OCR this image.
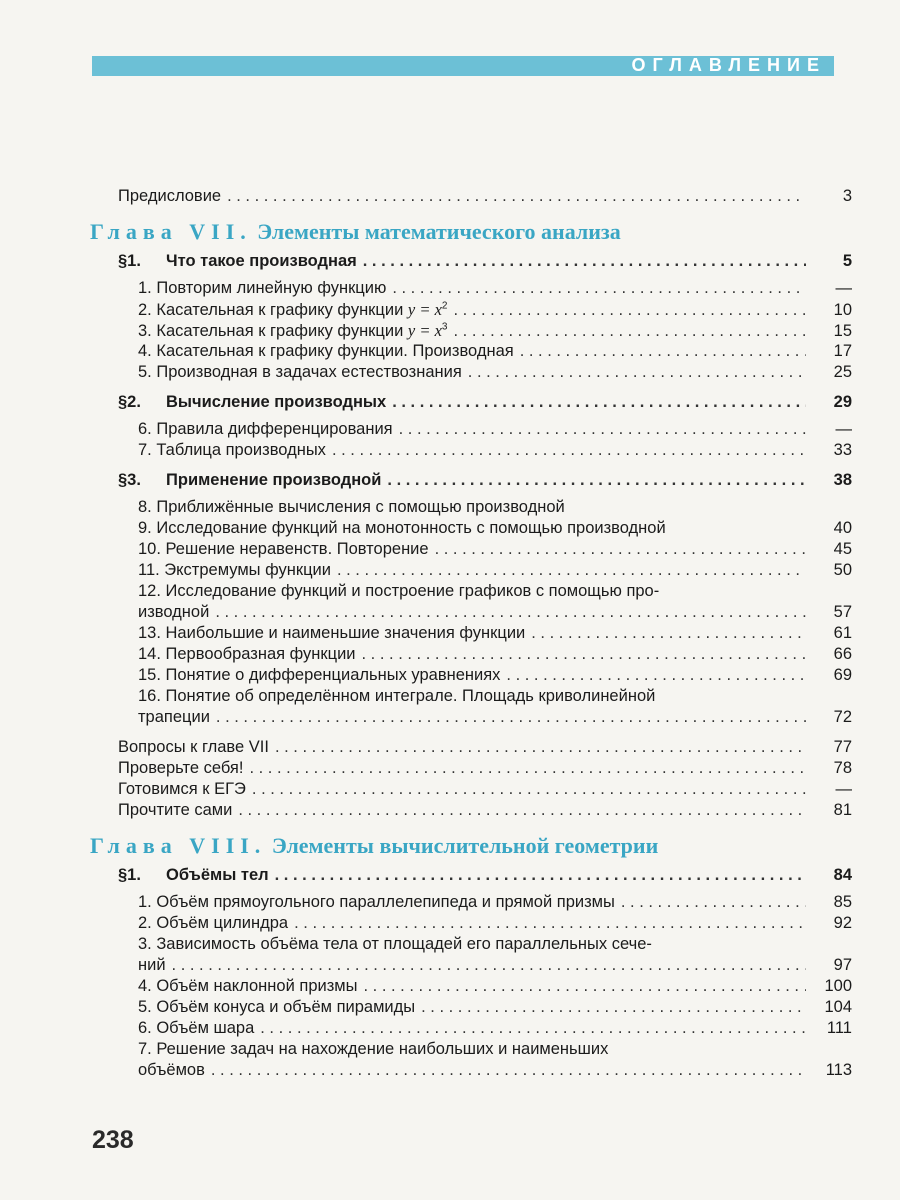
ОГЛАВЛЕНИЕ
Предисловие . . .	3
Глава VII. Элементы математического анализа
§1.	Что такое производная . . .	5
1. Повторим линейную функцию . . .	—
2. Касательная к графику функции $y = x^2$ . . .	10
3. Касательная к графику функции $y = x^3$ . . .	15
4. Касательная к графику функции. Производная . . .	17
5. Производная в задачах естествознания . . .	25
§2.	Вычисление производных . . .	29
6. Правила дифференцирования . . .	—
7. Таблица производных . . .	33
§3.	Применение производной . . .	38
8. Приближённые вычисления с помощью производной
9. Исследование функций на монотонность с помощью производной	40
10. Решение неравенств. Повторение . . .	45
11. Экстремумы функции . . .	50
12. Исследование функций и построение графиков с помощью про-
изводной . . .	57
13. Наибольшие и наименьшие значения функции . . .	61
14. Первообразная функции . . .	66
15. Понятие о дифференциальных уравнениях . . .	69
16. Понятие об определённом интеграле. Площадь криволинейной
трапеции . . .	72
Вопросы к главе VII . . .	77
Проверьте себя! . . .	78
Готовимся к ЕГЭ . . .	—
Прочтите сами . . .	81
Глава VIII. Элементы вычислительной геометрии
§1.	Объёмы тел . . .	84
1. Объём прямоугольного параллелепипеда и прямой призмы . . .	85
2. Объём цилиндра . . .	92
3. Зависимость объёма тела от площадей его параллельных сече-
ний . . .	97
4. Объём наклонной призмы . . .	100
5. Объём конуса и объём пирамиды . . .	104
6. Объём шара . . .	111
7. Решение задач на нахождение наибольших и наименьших
объёмов . . .	113
238
